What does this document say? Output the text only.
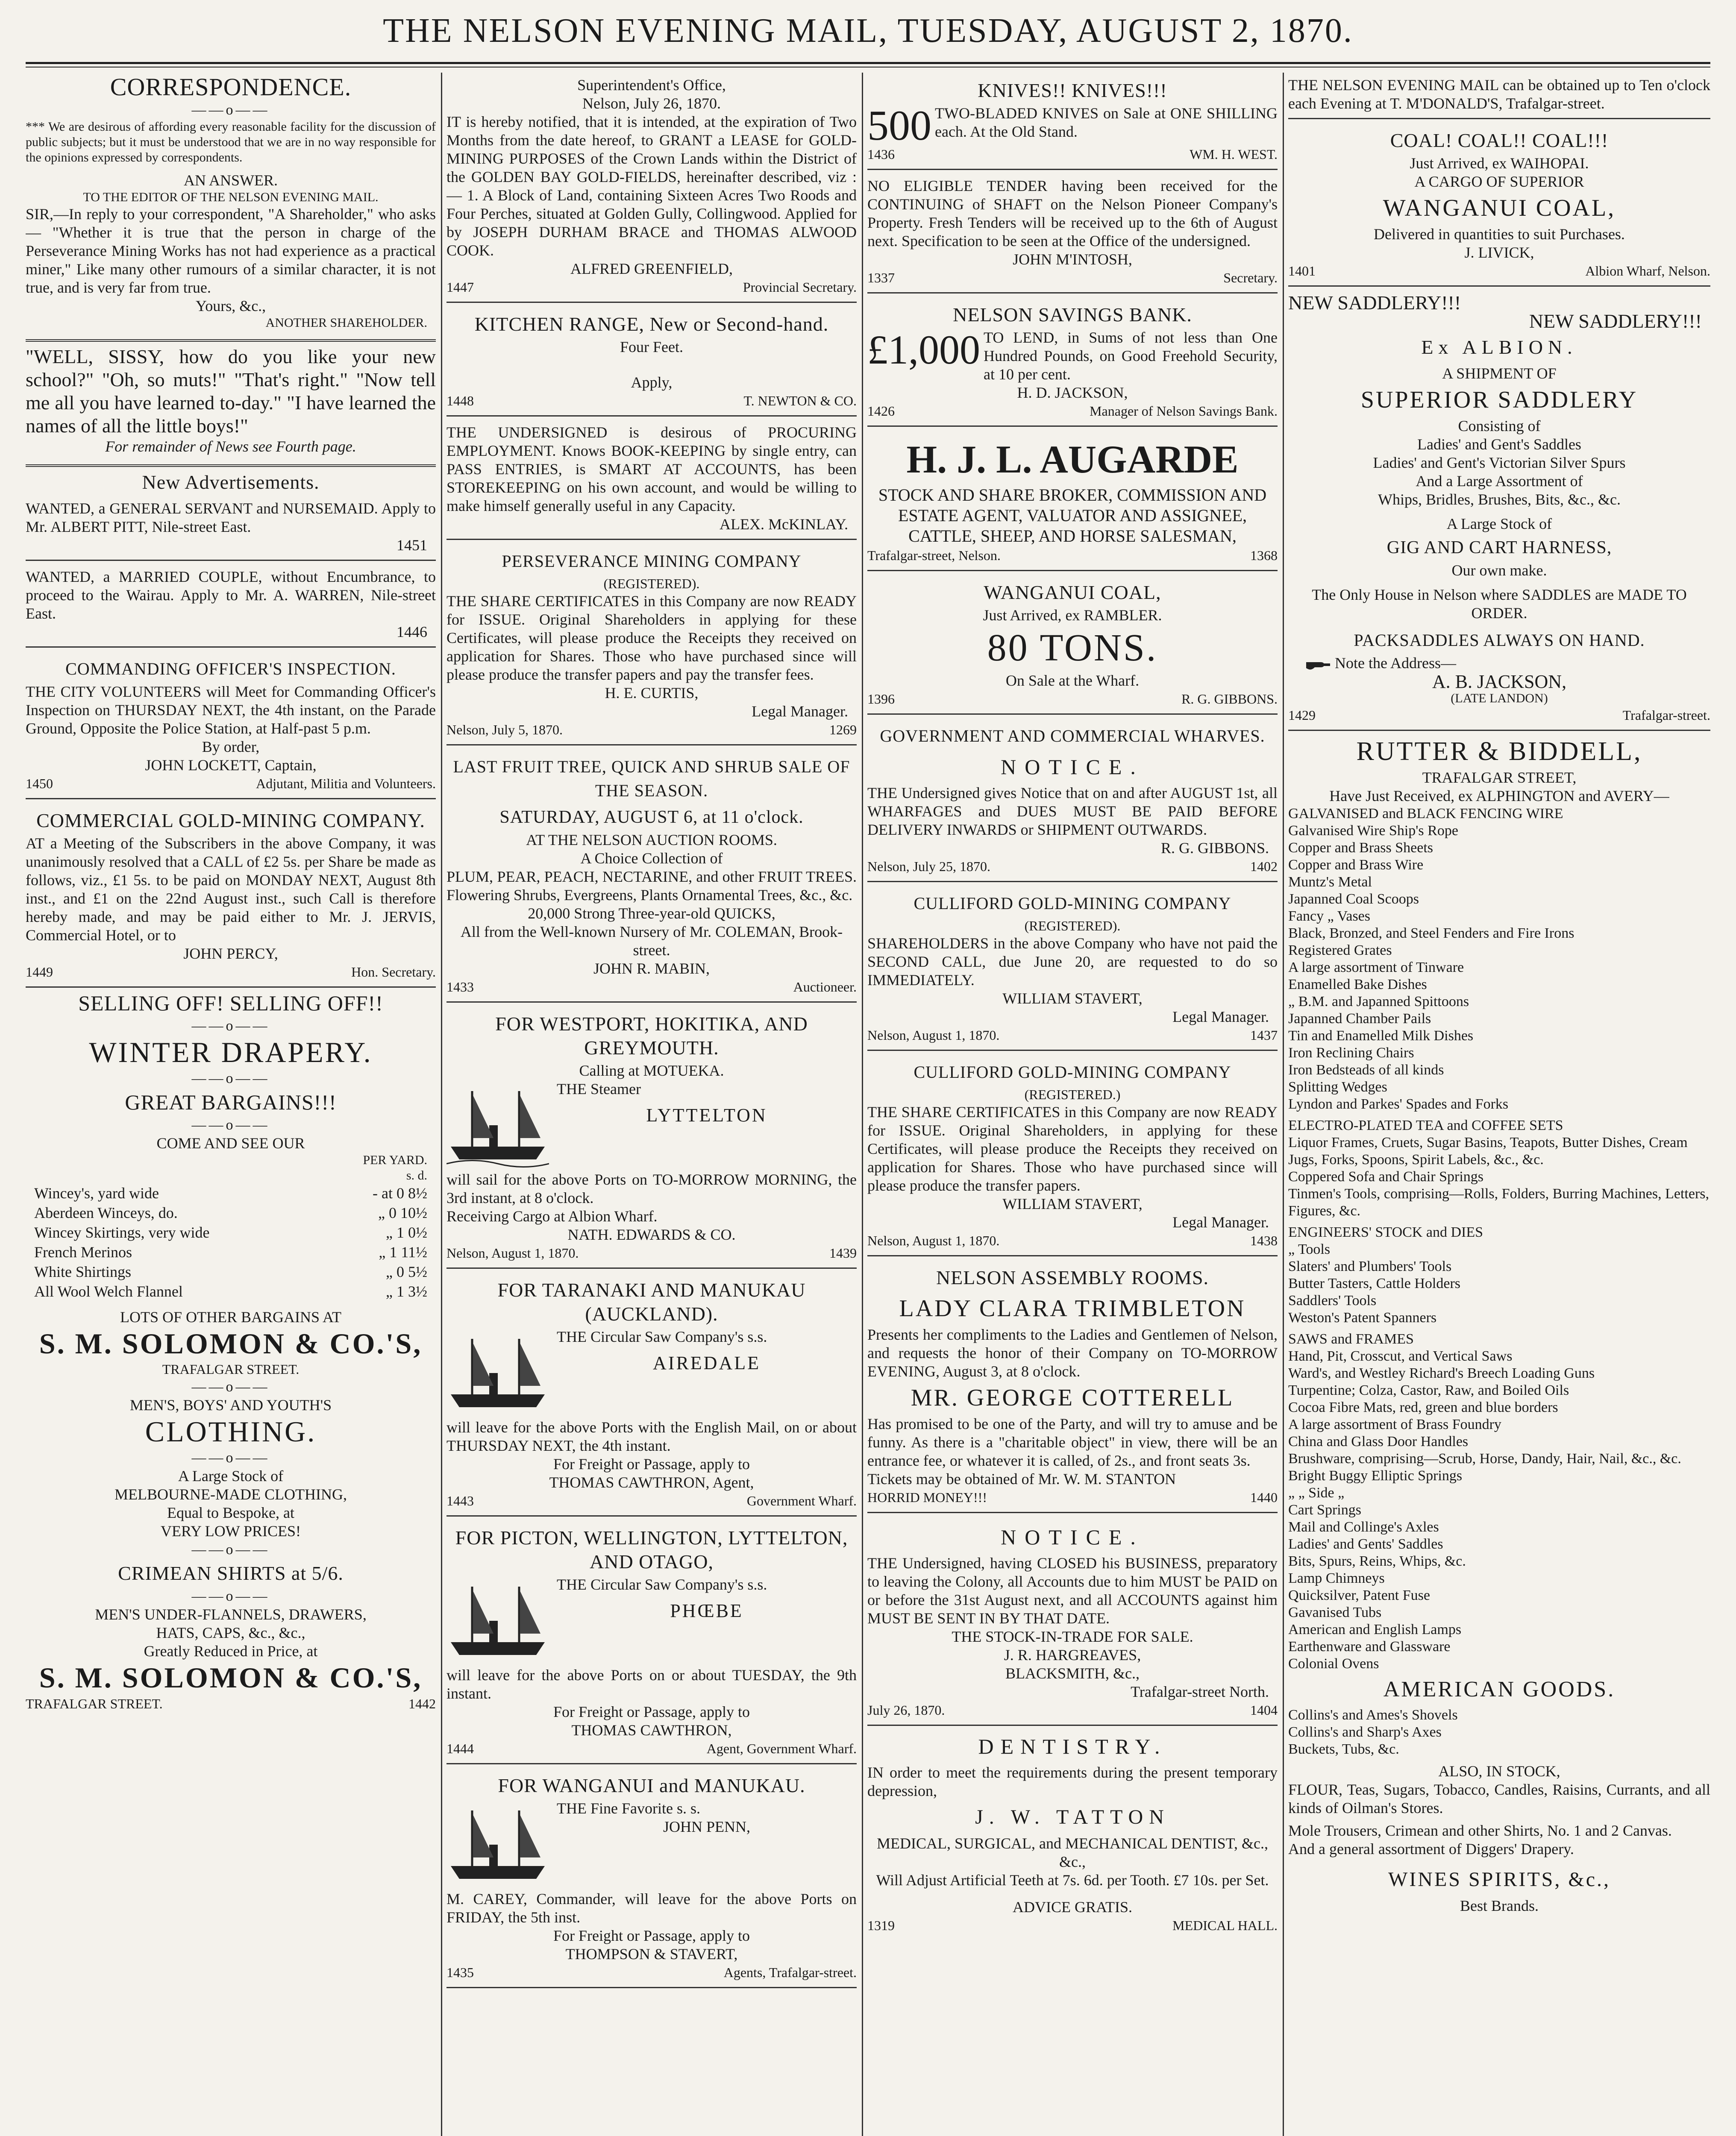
THE NELSON EVENING MAIL, TUESDAY, AUGUST 2, 1870.
CORRESPONDENCE.
——o——
*** We are desirous of affording every reasonable facility for the discussion of public subjects; but it must be understood that we are in no way responsible for the opinions expressed by correspondents.
AN ANSWER.
TO THE EDITOR OF THE NELSON EVENING MAIL.
SIR,—In reply to your correspondent, "A Shareholder," who asks— "Whether it is true that the person in charge of the Perseverance Mining Works has not had experience as a practical miner," Like many other rumours of a similar character, it is not true, and is very far from true.
Yours, &c.,
ANOTHER SHAREHOLDER.
"WELL, SISSY, how do you like your new school?" "Oh, so muts!" "That's right." "Now tell me all you have learned to-day." "I have learned the names of all the little boys!"
For remainder of News see Fourth page.
New Advertisements.
WANTED, a GENERAL SERVANT and NURSEMAID. Apply to Mr. ALBERT PITT, Nile-street East.
1451
WANTED, a MARRIED COUPLE, without Encumbrance, to proceed to the Wairau. Apply to Mr. A. WARREN, Nile-street East.
1446
COMMANDING OFFICER'S INSPECTION.
THE CITY VOLUNTEERS will Meet for Commanding Officer's Inspection on THURSDAY NEXT, the 4th instant, on the Parade Ground, Opposite the Police Station, at Half-past 5 p.m.
By order,
JOHN LOCKETT, Captain,
1450	Adjutant, Militia and Volunteers.
COMMERCIAL GOLD-MINING COMPANY.
AT a Meeting of the Subscribers in the above Company, it was unanimously resolved that a CALL of £2 5s. per Share be made as follows, viz., £1 5s. to be paid on MONDAY NEXT, August 8th inst., and £1 on the 22nd August inst., such Call is therefore hereby made, and may be paid either to Mr. J. JERVIS, Commercial Hotel, or to
JOHN PERCY,
1449	Hon. Secretary.
SELLING OFF! SELLING OFF!!
——o——
WINTER DRAPERY.
——o——
GREAT BARGAINS!!!
——o——
COME AND SEE OUR
PER YARD.
s. d.
Wincey's, yard wide	- at 0 8½
Aberdeen Winceys, do.	„ 0 10½
Wincey Skirtings, very wide	„ 1 0½
French Merinos	„ 1 11½
White Shirtings	„ 0 5½
All Wool Welch Flannel	„ 1 3½
LOTS OF OTHER BARGAINS AT
S. M. SOLOMON & CO.'S,
TRAFALGAR STREET.
——o——
MEN'S, BOYS' AND YOUTH'S
CLOTHING.
——o——
A Large Stock of
MELBOURNE-MADE CLOTHING,
Equal to Bespoke, at
VERY LOW PRICES!
——o——
CRIMEAN SHIRTS at 5/6.
——o——
MEN'S UNDER-FLANNELS, DRAWERS,
HATS, CAPS, &c., &c.,
Greatly Reduced in Price, at
S. M. SOLOMON & CO.'S,
TRAFALGAR STREET.	1442
Superintendent's Office,
Nelson, July 26, 1870.
IT is hereby notified, that it is intended, at the expiration of Two Months from the date hereof, to GRANT a LEASE for GOLD-MINING PURPOSES of the Crown Lands within the District of the GOLDEN BAY GOLD-FIELDS, hereinafter described, viz :— 1. A Block of Land, containing Sixteen Acres Two Roods and Four Perches, situated at Golden Gully, Collingwood. Applied for by JOSEPH DURHAM BRACE and THOMAS ALWOOD COOK.
ALFRED GREENFIELD,
1447	Provincial Secretary.
KITCHEN RANGE, New or Second-hand.
Four Feet.
Apply,
1448	T. NEWTON & CO.
THE UNDERSIGNED is desirous of PROCURING EMPLOYMENT. Knows BOOK-KEEPING by single entry, can PASS ENTRIES, is SMART AT ACCOUNTS, has been STOREKEEPING on his own account, and would be willing to make himself generally useful in any Capacity.
ALEX. McKINLAY.
PERSEVERANCE MINING COMPANY
(REGISTERED).
THE SHARE CERTIFICATES in this Company are now READY for ISSUE. Original Shareholders in applying for these Certificates, will please produce the Receipts they received on application for Shares. Those who have purchased since will please produce the transfer papers and pay the transfer fees.
H. E. CURTIS,
Legal Manager.
Nelson, July 5, 1870.	1269
LAST FRUIT TREE, QUICK AND SHRUB SALE OF THE SEASON.
SATURDAY, AUGUST 6, at 11 o'clock.
AT THE NELSON AUCTION ROOMS.
A Choice Collection of
PLUM, PEAR, PEACH, NECTARINE, and other FRUIT TREES. Flowering Shrubs, Evergreens, Plants Ornamental Trees, &c., &c.
20,000 Strong Three-year-old QUICKS,
All from the Well-known Nursery of Mr. COLEMAN, Brook-street.
JOHN R. MABIN,
1433	Auctioneer.
FOR WESTPORT, HOKITIKA, AND GREYMOUTH.
Calling at MOTUEKA.
THE Steamer
LYTTELTON
will sail for the above Ports on TO-MORROW MORNING, the 3rd instant, at 8 o'clock.
Receiving Cargo at Albion Wharf.
NATH. EDWARDS & CO.
Nelson, August 1, 1870.	1439
FOR TARANAKI AND MANUKAU (AUCKLAND).
THE Circular Saw Company's s.s.
AIREDALE
will leave for the above Ports with the English Mail, on or about THURSDAY NEXT, the 4th instant.
For Freight or Passage, apply to
THOMAS CAWTHRON, Agent,
1443	Government Wharf.
FOR PICTON, WELLINGTON, LYTTELTON, AND OTAGO,
THE Circular Saw Company's s.s.
PHŒBE
will leave for the above Ports on or about TUESDAY, the 9th instant.
For Freight or Passage, apply to
THOMAS CAWTHRON,
1444	Agent, Government Wharf.
FOR WANGANUI and MANUKAU.
THE Fine Favorite s. s.
JOHN PENN,
M. CAREY, Commander, will leave for the above Ports on FRIDAY, the 5th inst.
For Freight or Passage, apply to
THOMPSON & STAVERT,
1435	Agents, Trafalgar-street.
KNIVES!! KNIVES!!!
500 TWO-BLADED KNIVES on Sale at ONE SHILLING each. At the Old Stand.
1436	WM. H. WEST.
NO ELIGIBLE TENDER having been received for the CONTINUING of SHAFT on the Nelson Pioneer Company's Property. Fresh Tenders will be received up to the 6th of August next. Specification to be seen at the Office of the undersigned.
JOHN M'INTOSH,
1337	Secretary.
NELSON SAVINGS BANK.
£1,000 TO LEND, in Sums of not less than One Hundred Pounds, on Good Freehold Security, at 10 per cent.
H. D. JACKSON,
1426	Manager of Nelson Savings Bank.
H. J. L. AUGARDE
STOCK AND SHARE BROKER, COMMISSION AND ESTATE AGENT, VALUATOR AND ASSIGNEE, CATTLE, SHEEP, AND HORSE SALESMAN,
Trafalgar-street, Nelson.	1368
WANGANUI COAL,
Just Arrived, ex RAMBLER.
80 TONS.
On Sale at the Wharf.
1396	R. G. GIBBONS.
GOVERNMENT AND COMMERCIAL WHARVES.
NOTICE.
THE Undersigned gives Notice that on and after AUGUST 1st, all WHARFAGES and DUES MUST BE PAID BEFORE DELIVERY INWARDS or SHIPMENT OUTWARDS.
R. G. GIBBONS.
Nelson, July 25, 1870.	1402
CULLIFORD GOLD-MINING COMPANY
(REGISTERED).
SHAREHOLDERS in the above Company who have not paid the SECOND CALL, due June 20, are requested to do so IMMEDIATELY.
WILLIAM STAVERT,
Legal Manager.
Nelson, August 1, 1870.	1437
CULLIFORD GOLD-MINING COMPANY
(REGISTERED.)
THE SHARE CERTIFICATES in this Company are now READY for ISSUE. Original Shareholders, in applying for these Certificates, will please produce the Receipts they received on application for Shares. Those who have purchased since will please produce the transfer papers.
WILLIAM STAVERT,
Legal Manager.
Nelson, August 1, 1870.	1438
NELSON ASSEMBLY ROOMS.
LADY CLARA TRIMBLETON
Presents her compliments to the Ladies and Gentlemen of Nelson, and requests the honor of their Company on TO-MORROW EVENING, August 3, at 8 o'clock.
MR. GEORGE COTTERELL
Has promised to be one of the Party, and will try to amuse and be funny. As there is a "charitable object" in view, there will be an entrance fee, or whatever it is called, of 2s., and front seats 3s.
Tickets may be obtained of Mr. W. M. STANTON
HORRID MONEY!!!	1440
NOTICE.
THE Undersigned, having CLOSED his BUSINESS, preparatory to leaving the Colony, all Accounts due to him MUST be PAID on or before the 31st August next, and all ACCOUNTS against him MUST BE SENT IN BY THAT DATE.
THE STOCK-IN-TRADE FOR SALE.
J. R. HARGREAVES,
BLACKSMITH, &c.,
Trafalgar-street North.
July 26, 1870.	1404
DENTISTRY.
IN order to meet the requirements during the present temporary depression,
J. W. TATTON
MEDICAL, SURGICAL, and MECHANICAL DENTIST, &c., &c.,
Will Adjust Artificial Teeth at 7s. 6d. per Tooth. £7 10s. per Set.
ADVICE GRATIS.
1319	MEDICAL HALL.
THE NELSON EVENING MAIL can be obtained up to Ten o'clock each Evening at T. M'DONALD'S, Trafalgar-street.
COAL! COAL!! COAL!!!
Just Arrived, ex WAIHOPAI.
A CARGO OF SUPERIOR
WANGANUI COAL,
Delivered in quantities to suit Purchases.
J. LIVICK,
1401	Albion Wharf, Nelson.
NEW SADDLERY!!!
NEW SADDLERY!!!
Ex ALBION.
A SHIPMENT OF
SUPERIOR SADDLERY
Consisting of
Ladies' and Gent's Saddles
Ladies' and Gent's Victorian Silver Spurs
And a Large Assortment of
Whips, Bridles, Brushes, Bits, &c., &c.
A Large Stock of
GIG AND CART HARNESS,
Our own make.
The Only House in Nelson where SADDLES are MADE TO ORDER.
PACKSADDLES ALWAYS ON HAND.
Note the Address—
A. B. JACKSON,
(LATE LANDON)
1429	Trafalgar-street.
RUTTER & BIDDELL,
TRAFALGAR STREET,
Have Just Received, ex ALPHINGTON and AVERY—
GALVANISED and BLACK FENCING WIRE
Galvanised Wire Ship's Rope
Copper and Brass Sheets
Copper and Brass Wire
Muntz's Metal
Japanned Coal Scoops
Fancy „ Vases
Black, Bronzed, and Steel Fenders and Fire Irons
Registered Grates
A large assortment of Tinware
Enamelled Bake Dishes
„ B.M. and Japanned Spittoons
Japanned Chamber Pails
Tin and Enamelled Milk Dishes
Iron Reclining Chairs
Iron Bedsteads of all kinds
Splitting Wedges
Lyndon and Parkes' Spades and Forks
ELECTRO-PLATED TEA and COFFEE SETS
Liquor Frames, Cruets, Sugar Basins, Teapots, Butter Dishes, Cream Jugs, Forks, Spoons, Spirit Labels, &c., &c.
Coppered Sofa and Chair Springs
Tinmen's Tools, comprising—Rolls, Folders, Burring Machines, Letters, Figures, &c.
ENGINEERS' STOCK and DIES
„ Tools
Slaters' and Plumbers' Tools
Butter Tasters, Cattle Holders
Saddlers' Tools
Weston's Patent Spanners
SAWS and FRAMES
Hand, Pit, Crosscut, and Vertical Saws
Ward's, and Westley Richard's Breech Loading Guns
Turpentine; Colza, Castor, Raw, and Boiled Oils
Cocoa Fibre Mats, red, green and blue borders
A large assortment of Brass Foundry
China and Glass Door Handles
Brushware, comprising—Scrub, Horse, Dandy, Hair, Nail, &c., &c.
Bright Buggy Elliptic Springs
„ „ Side „
Cart Springs
Mail and Collinge's Axles
Ladies' and Gents' Saddles
Bits, Spurs, Reins, Whips, &c.
Lamp Chimneys
Quicksilver, Patent Fuse
Gavanised Tubs
American and English Lamps
Earthenware and Glassware
Colonial Ovens
AMERICAN GOODS.
Collins's and Ames's Shovels
Collins's and Sharp's Axes
Buckets, Tubs, &c.
ALSO, IN STOCK,
FLOUR, Teas, Sugars, Tobacco, Candles, Raisins, Currants, and all kinds of Oilman's Stores.
Mole Trousers, Crimean and other Shirts, No. 1 and 2 Canvas.
And a general assortment of Diggers' Drapery.
WINES SPIRITS, &c.,
Best Brands.
